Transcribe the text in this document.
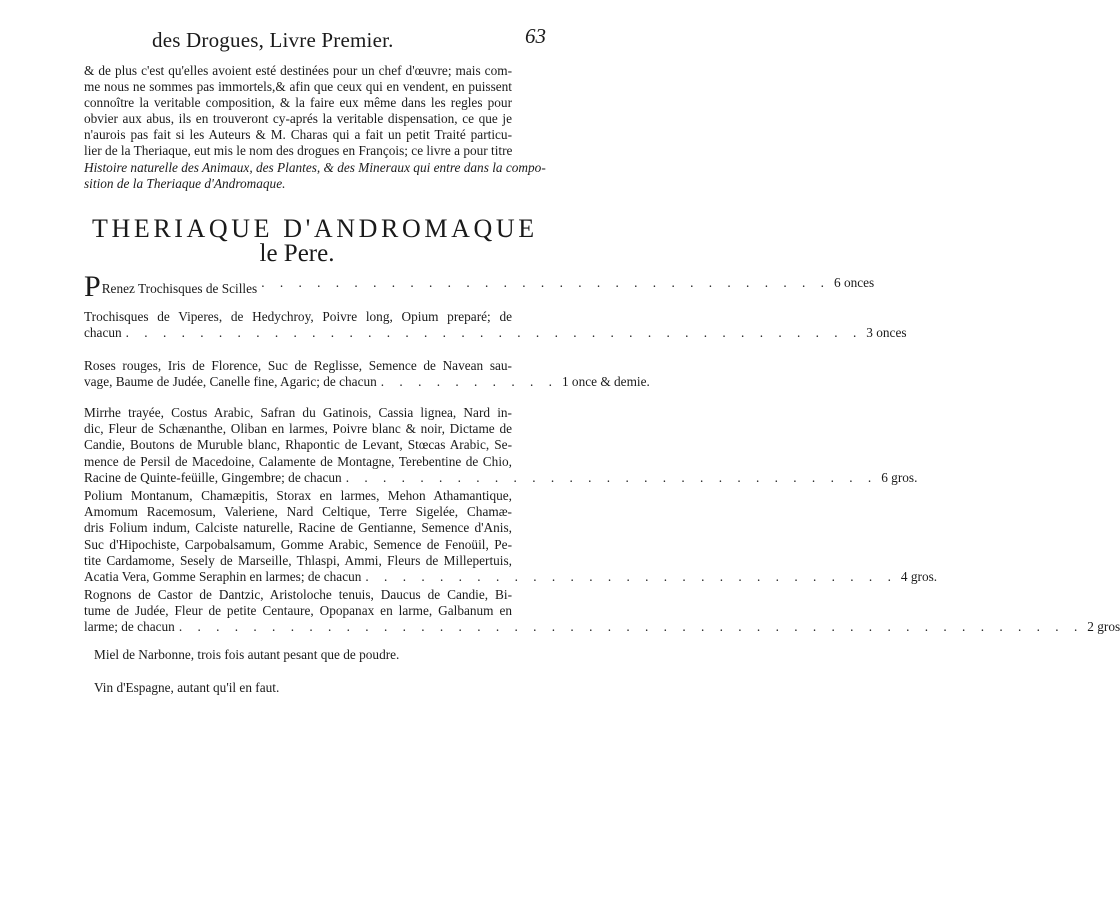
des Drogues, Livre Premier.	63
& de plus c'est qu'elles avoient esté destinées pour un chef d'œuvre; mais com-
me nous ne sommes pas immortels,& afin que ceux qui en vendent, en puissent
connoître la veritable composition, & la faire eux même dans les regles pour
obvier aux abus, ils en trouveront cy-aprés la veritable dispensation, ce que je
n'aurois pas fait si les Auteurs & M. Charas qui a fait un petit Traité particu-
lier de la Theriaque, eut mis le nom des drogues en François; ce livre a pour titre
Histoire naturelle des Animaux, des Plantes, & des Mineraux qui entre dans la compo-
sition de la Theriaque d'Andromaque.
THERIAQUE D'ANDROMAQUE
le Pere.
PRenez Trochisques de Scilles . . . . . . . . . . . . . . . . . . . . . . . . . . . . . . . 6 onces
Trochisques de Viperes, de Hedychroy, Poivre long, Opium preparé; de
chacun . . . . . . . . . . . . . . . . . . . . . . . . . . . . . . . . . . . . . . . . 3 onces
Roses rouges, Iris de Florence, Suc de Reglisse, Semence de Navean sau-
vage, Baume de Judée, Canelle fine, Agaric; de chacun . . . . . . . . . . 1 once & demie.
Mirrhe trayée, Costus Arabic, Safran du Gatinois, Cassia lignea, Nard in-
dic, Fleur de Schænanthe, Oliban en larmes, Poivre blanc & noir, Dictame de
Candie, Boutons de Muruble blanc, Rhapontic de Levant, Stœcas Arabic, Se-
mence de Persil de Macedoine, Calamente de Montagne, Terebentine de Chio,
Racine de Quinte-feüille, Gingembre; de chacun . . . . . . . . . . . . . . . . . . . . . . . . . . . . . 6 gros.
Polium Montanum, Chamæpitis, Storax en larmes, Mehon Athamantique,
Amomum Racemosum, Valeriene, Nard Celtique, Terre Sigelée, Chamæ-
dris Folium indum, Calciste naturelle, Racine de Gentianne, Semence d'Anis,
Suc d'Hipochiste, Carpobalsamum, Gomme Arabic, Semence de Fenoüil, Pe-
tite Cardamome, Sesely de Marseille, Thlaspi, Ammi, Fleurs de Millepertuis,
Acatia Vera, Gomme Seraphin en larmes; de chacun . . . . . . . . . . . . . . . . . . . . . . . . . . . . . 4 gros.
Rognons de Castor de Dantzic, Aristoloche tenuis, Daucus de Candie, Bi-
tume de Judée, Fleur de petite Centaure, Opopanax en larme, Galbanum en
larme; de chacun . . . . . . . . . . . . . . . . . . . . . . . . . . . . . . . . . . . . . . . . . . . . . . . . . 2 gros
Miel de Narbonne, trois fois autant pesant que de poudre.
Vin d'Espagne, autant qu'il en faut.
